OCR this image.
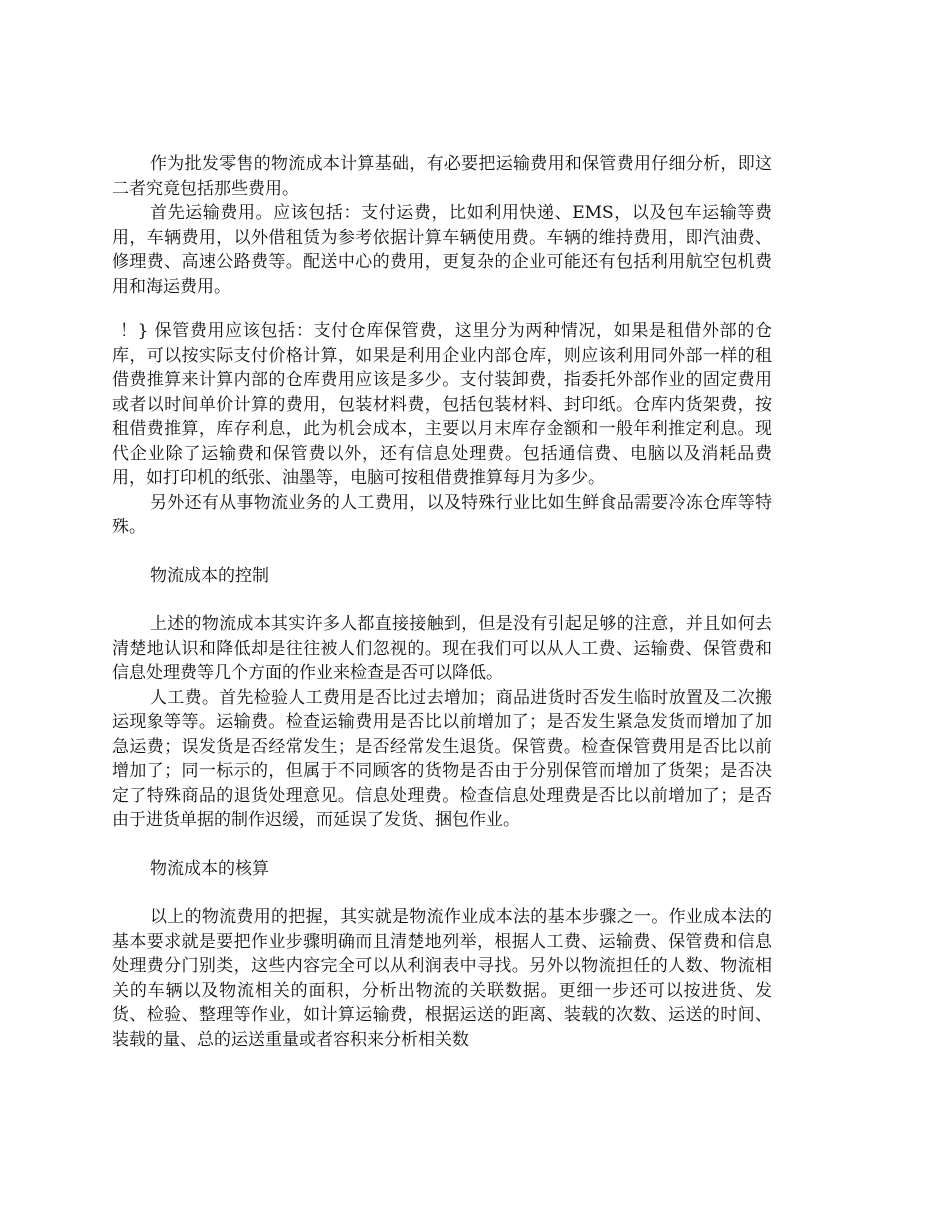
作为批发零售的物流成本计算基础，有必要把运输费用和保管费用仔细分析，即这二者究竟包括那些费用。

首先运输费用。应该包括：支付运费，比如利用快递、EMS，以及包车运输等费用，车辆费用，以外借租赁为参考依据计算车辆使用费。车辆的维持费用，即汽油费、修理费、高速公路费等。配送中心的费用，更复杂的企业可能还有包括利用航空包机费用和海运费用。

！} 保管费用应该包括：支付仓库保管费，这里分为两种情况，如果是租借外部的仓库，可以按实际支付价格计算，如果是利用企业内部仓库，则应该利用同外部一样的租借费推算来计算内部的仓库费用应该是多少。支付装卸费，指委托外部作业的固定费用或者以时间单价计算的费用，包装材料费，包括包装材料、封印纸。仓库内货架费，按租借费推算，库存利息，此为机会成本，主要以月末库存金额和一般年利推定利息。现代企业除了运输费和保管费以外，还有信息处理费。包括通信费、电脑以及消耗品费用，如打印机的纸张、油墨等，电脑可按租借费推算每月为多少。

另外还有从事物流业务的人工费用，以及特殊行业比如生鲜食品需要冷冻仓库等特殊。

物流成本的控制

上述的物流成本其实许多人都直接接触到，但是没有引起足够的注意，并且如何去清楚地认识和降低却是往往被人们忽视的。现在我们可以从人工费、运输费、保管费和信息处理费等几个方面的作业来检查是否可以降低。

人工费。首先检验人工费用是否比过去增加；商品进货时否发生临时放置及二次搬运现象等等。运输费。检查运输费用是否比以前增加了；是否发生紧急发货而增加了加急运费；误发货是否经常发生；是否经常发生退货。保管费。检查保管费用是否比以前增加了；同一标示的，但属于不同顾客的货物是否由于分别保管而增加了货架；是否决定了特殊商品的退货处理意见。信息处理费。检查信息处理费是否比以前增加了；是否由于进货单据的制作迟缓，而延误了发货、捆包作业。

物流成本的核算

以上的物流费用的把握，其实就是物流作业成本法的基本步骤之一。作业成本法的基本要求就是要把作业步骤明确而且清楚地列举，根据人工费、运输费、保管费和信息处理费分门别类，这些内容完全可以从利润表中寻找。另外以物流担任的人数、物流相关的车辆以及物流相关的面积，分析出物流的关联数据。更细一步还可以按进货、发货、检验、整理等作业，如计算运输费，根据运送的距离、装载的次数、运送的时间、装载的量、总的运送重量或者容积来分析相关数
